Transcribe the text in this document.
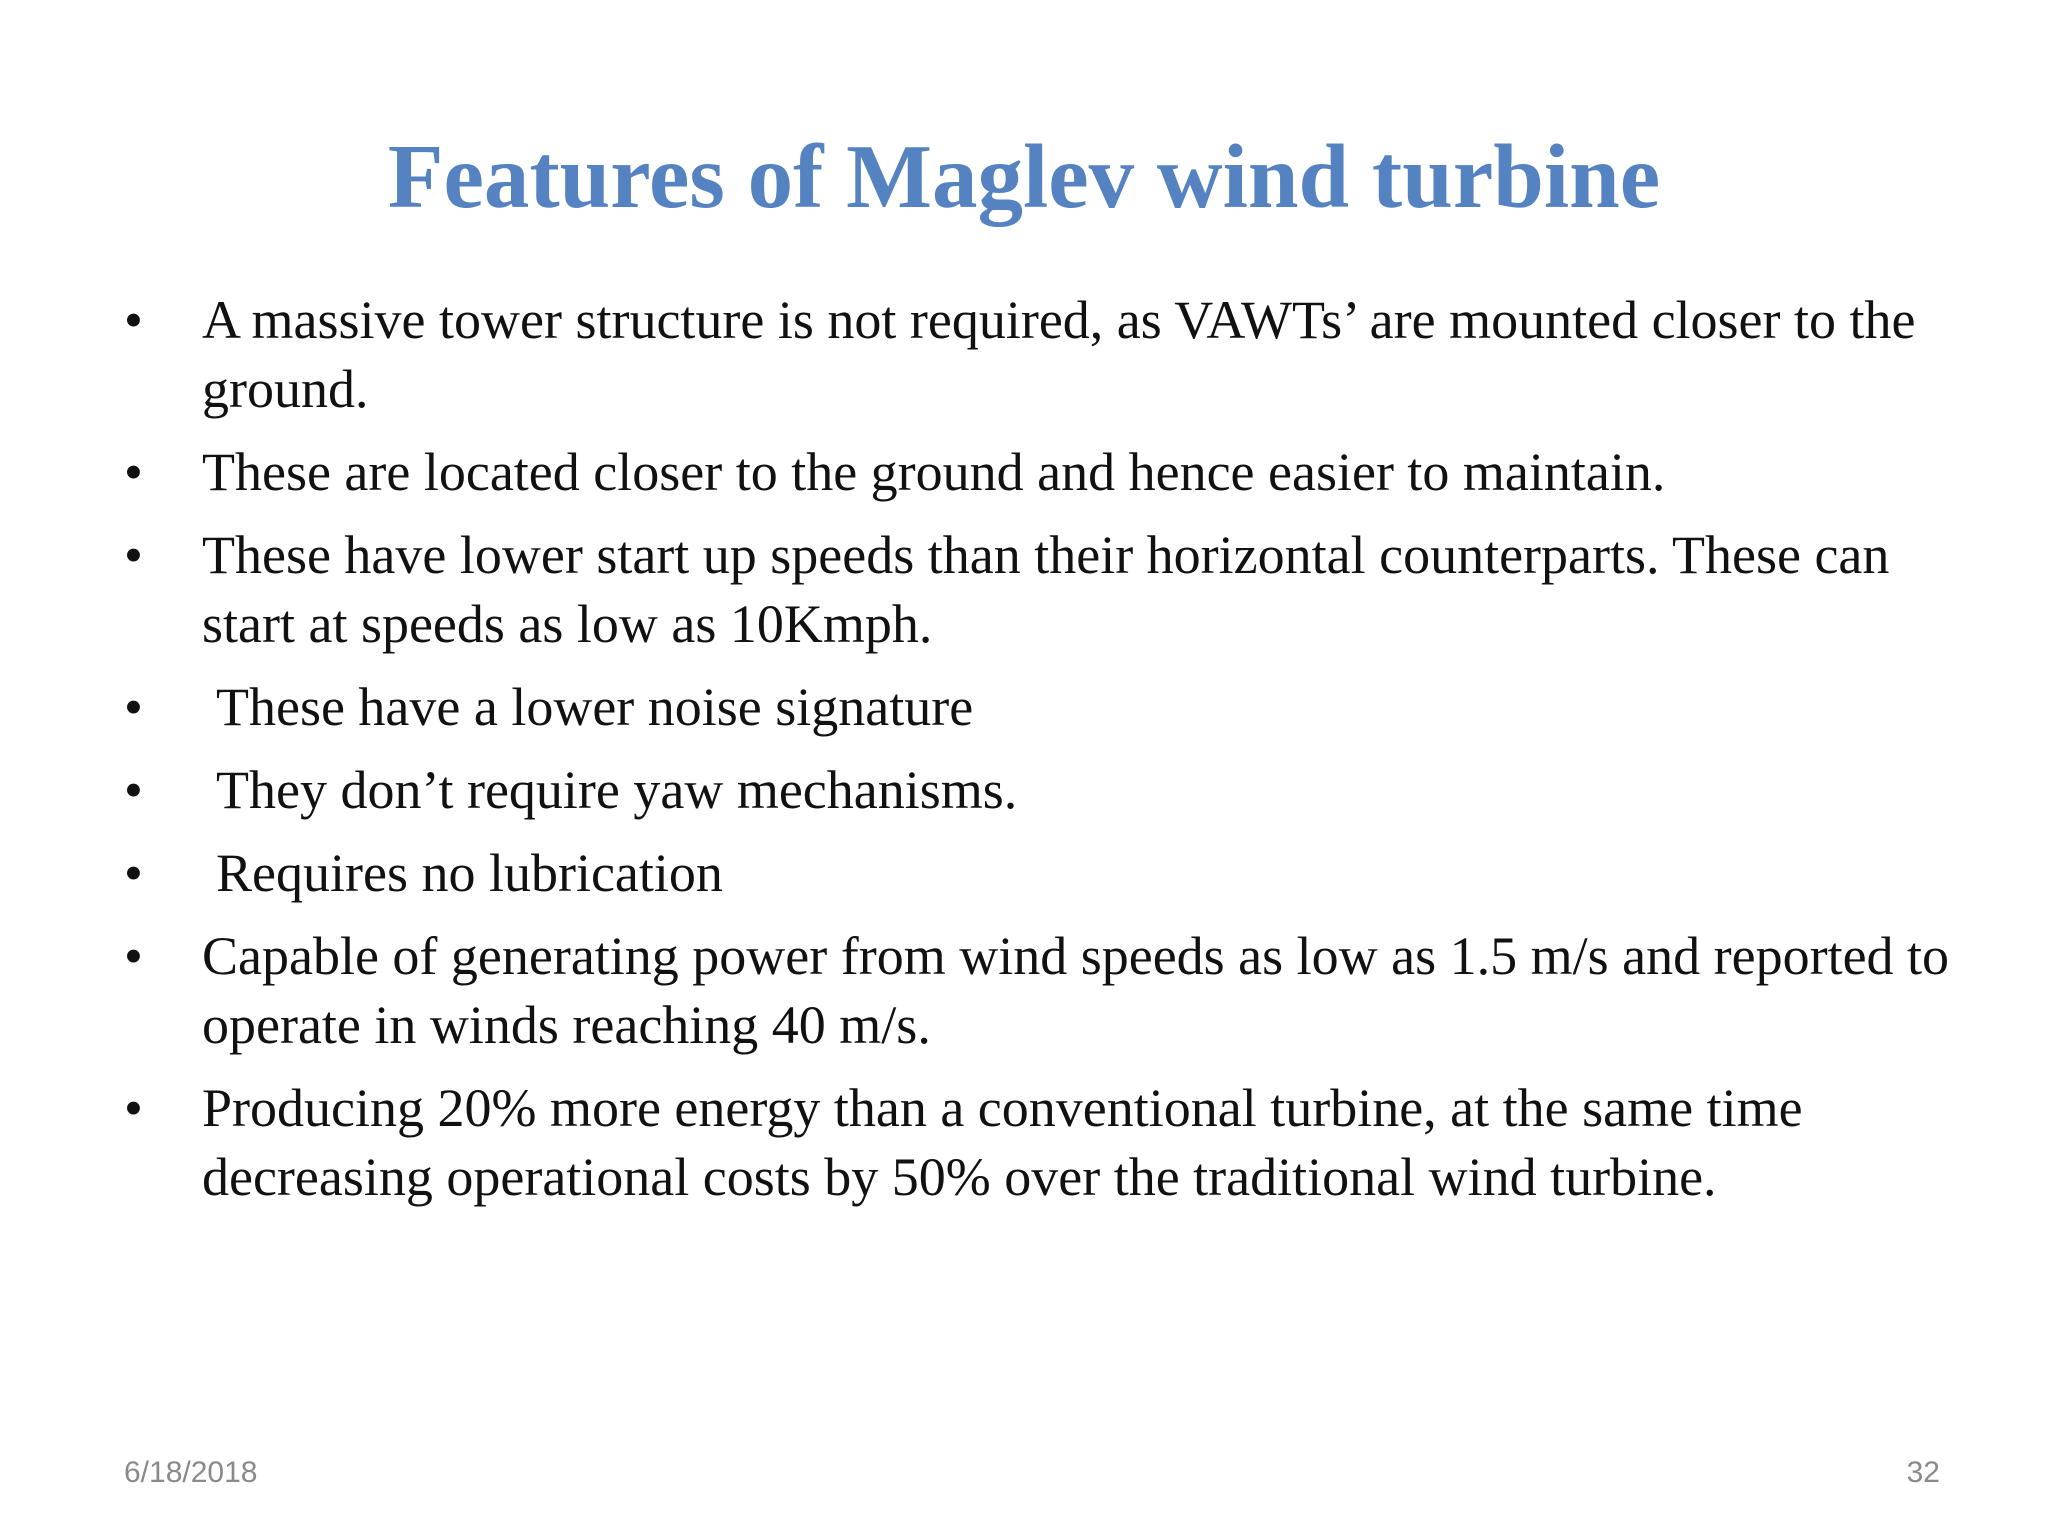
Features of Maglev wind turbine
•	A massive tower structure is not required, as VAWTs’ are mounted closer to the ground.
•	These are located closer to the ground and hence easier to maintain.
•	These have lower start up speeds than their horizontal counterparts. These can start at speeds as low as 10Kmph.
•	These have a lower noise signature
•	They don’t require yaw mechanisms.
•	Requires no lubrication
•	Capable of generating power from wind speeds as low as 1.5 m/s and reported to operate in winds reaching 40 m/s.
•	Producing 20% more energy than a conventional turbine, at the same time decreasing operational costs by 50% over the traditional wind turbine.
6/18/2018	32
